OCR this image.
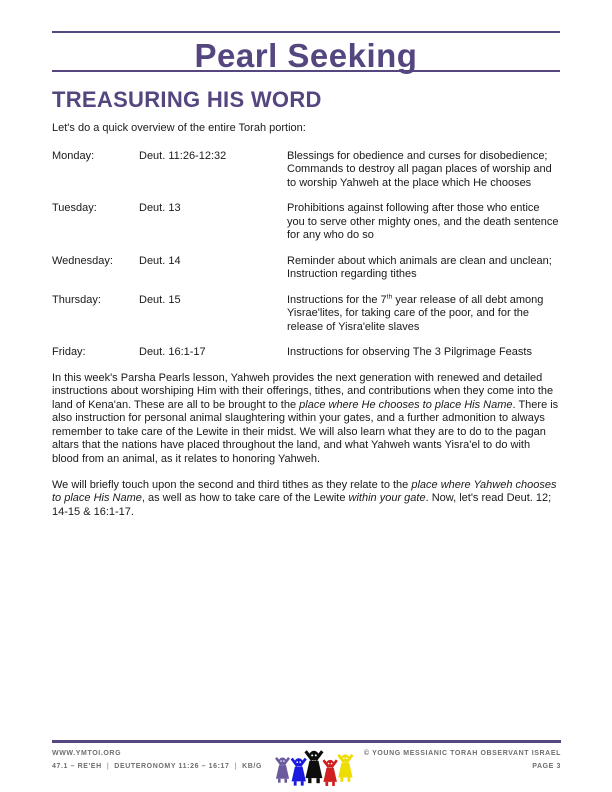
Pearl Seeking
TREASURING HIS WORD
Let's do a quick overview of the entire Torah portion:
Monday:	Deut. 11:26-12:32	Blessings for obedience and curses for disobedience; Commands to destroy all pagan places of worship and to worship Yahweh at the place which He chooses
Tuesday:	Deut. 13	Prohibitions against following after those who entice you to serve other mighty ones, and the death sentence for any who do so
Wednesday:	Deut. 14	Reminder about which animals are clean and unclean; Instruction regarding tithes
Thursday:	Deut. 15	Instructions for the 7th year release of all debt among Yisrae'lites, for taking care of the poor, and for the release of Yisra'elite slaves
Friday:	Deut. 16:1-17	Instructions for observing The 3 Pilgrimage Feasts
In this week's Parsha Pearls lesson, Yahweh provides the next generation with renewed and detailed instructions about worshiping Him with their offerings, tithes, and contributions when they come into the land of Kena'an. These are all to be brought to the place where He chooses to place His Name. There is also instruction for personal animal slaughtering within your gates, and a further admonition to always remember to take care of the Lewite in their midst. We will also learn what they are to do to the pagan altars that the nations have placed throughout the land, and what Yahweh wants Yisra'el to do with blood from an animal, as it relates to honoring Yahweh.
We will briefly touch upon the second and third tithes as they relate to the place where Yahweh chooses to place His Name, as well as how to take care of the Lewite within your gate. Now, let's read Deut. 12; 14-15 & 16:1-17.
WWW.YMTOI.ORG
47.1 – RE'EH | DEUTERONOMY 11:26 – 16:17 | KB/G
© YOUNG MESSIANIC TORAH OBSERVANT ISRAEL
PAGE 3
